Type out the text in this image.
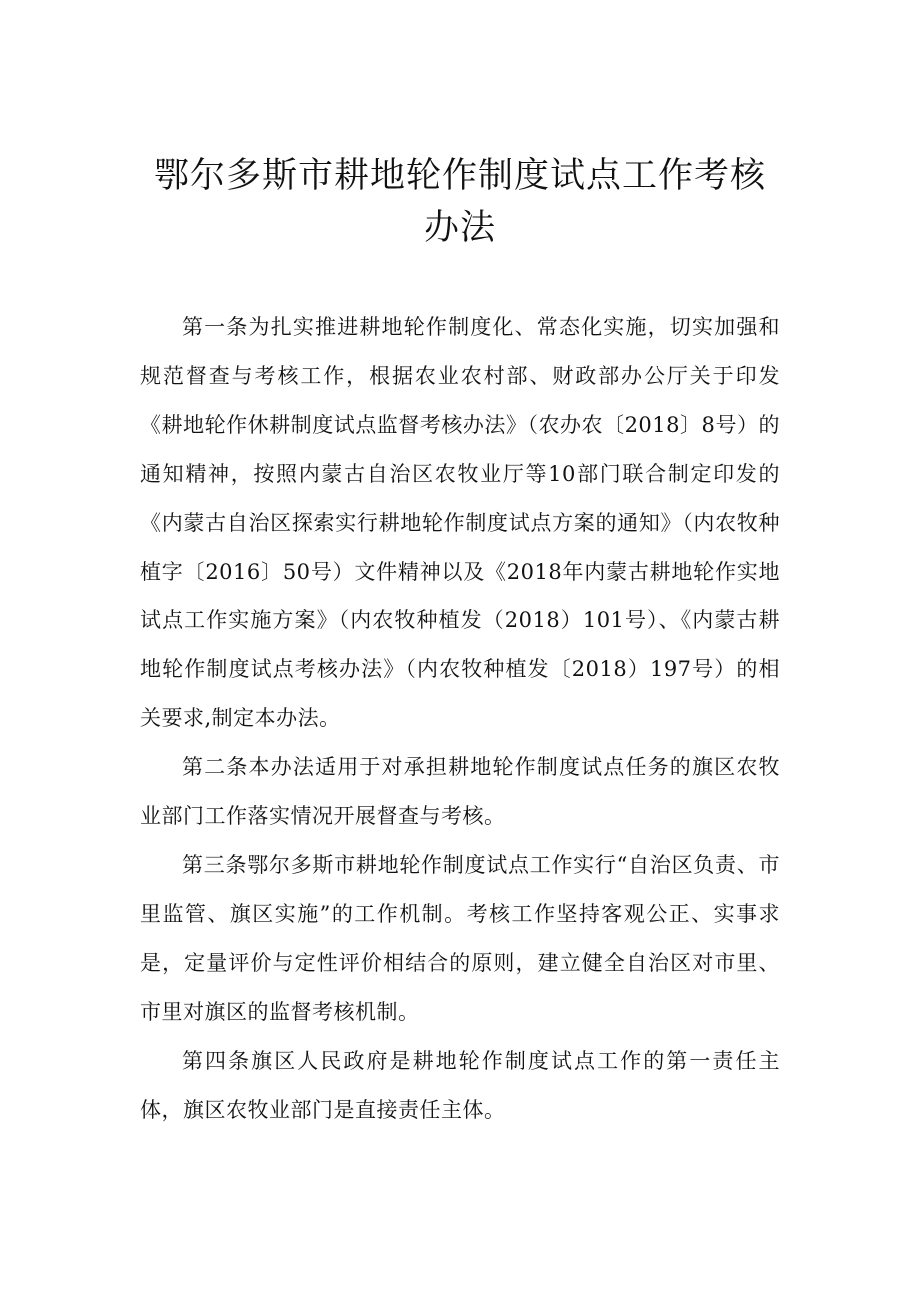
鄂尔多斯市耕地轮作制度试点工作考核办法

第一条为扎实推进耕地轮作制度化、常态化实施，切实加强和规范督查与考核工作，根据农业农村部、财政部办公厅关于印发《耕地轮作休耕制度试点监督考核办法》（农办农〔2018〕8号）的通知精神，按照内蒙古自治区农牧业厅等10部门联合制定印发的《内蒙古自治区探索实行耕地轮作制度试点方案的通知》（内农牧种植字〔2016〕50号）文件精神以及《2018年内蒙古耕地轮作实地试点工作实施方案》（内农牧种植发（2018）101号）、《内蒙古耕地轮作制度试点考核办法》（内农牧种植发〔2018）197号）的相关要求,制定本办法。

第二条本办法适用于对承担耕地轮作制度试点任务的旗区农牧业部门工作落实情况开展督查与考核。

第三条鄂尔多斯市耕地轮作制度试点工作实行“自治区负责、市里监管、旗区实施”的工作机制。考核工作坚持客观公正、实事求是，定量评价与定性评价相结合的原则，建立健全自治区对市里、市里对旗区的监督考核机制。

第四条旗区人民政府是耕地轮作制度试点工作的第一责任主体，旗区农牧业部门是直接责任主体。
